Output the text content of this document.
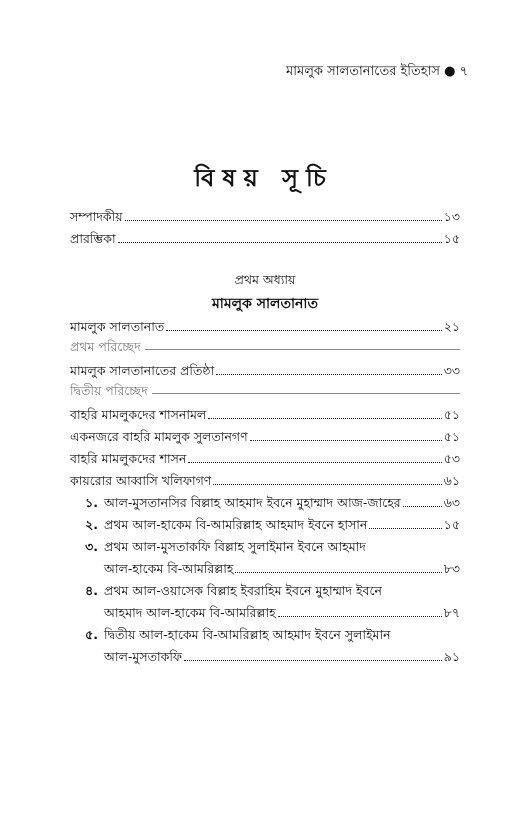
মামলুক সালতানাতের ইতিহাস ● ৭
বিষয় সূচি
সম্পাদকীয়	১৩
প্রারম্ভিকা	১৫
প্রথম অধ্যায়
মামলুক সালতানাত
মামলুক সালতানাত	২১
প্রথম পরিচ্ছেদ
মামলুক সালতানাতের প্রতিষ্ঠা	৩৩
দ্বিতীয় পরিচ্ছেদ
বাহরি মামলুকদের শাসনামল	৫১
একনজরে বাহরি মামলুক সুলতানগণ	৫১
বাহরি মামলুকদের শাসন	৫৩
কায়রোর আব্বাসি খলিফাগণ	৬১
১. আল-মুসতানসির বিল্লাহ আহমাদ ইবনে মুহাম্মাদ আজ-জাহের	৬৩
২. প্রথম আল-হাকেম বি-আমরিল্লাহ আহমাদ ইবনে হাসান	১৫
৩. প্রথম আল-মুসতাকফি বিল্লাহ সুলাইমান ইবনে আহমাদ
আল-হাকেম বি-আমরিল্লাহ	৮৩
৪. প্রথম আল-ওয়াসেক বিল্লাহ ইবরাহিম ইবনে মুহাম্মাদ ইবনে
আহমাদ আল-হাকেম বি-আমরিল্লাহ	৮৭
৫. দ্বিতীয় আল-হাকেম বি-আমরিল্লাহ আহমাদ ইবনে সুলাইমান
আল-মুসতাকফি	৯১
